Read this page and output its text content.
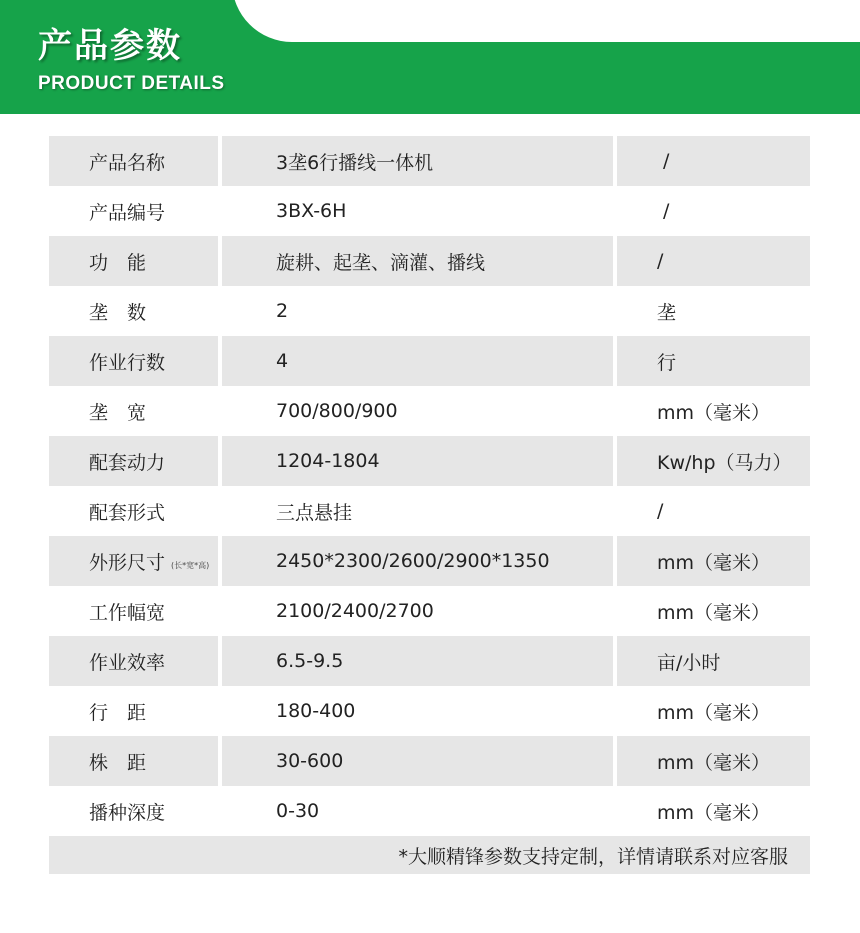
产品参数
PRODUCT DETAILS
产品名称	3垄6行播线一体机	/
产品编号	3BX-6H	/
功　能	旋耕、起垄、滴灌、播线	/
垄　数	2	垄
作业行数	4	行
垄　宽	700/800/900	mm（毫米）
配套动力	1204-1804	Kw/hp（马力）
配套形式	三点悬挂	/
外形尺寸 (长*宽*高)	2450*2300/2600/2900*1350	mm（毫米）
工作幅宽	2100/2400/2700	mm（毫米）
作业效率	6.5-9.5	亩/小时
行　距	180-400	mm（毫米）
株　距	30-600	mm（毫米）
播种深度	0-30	mm（毫米）
*大顺精锋参数支持定制，详情请联系对应客服
